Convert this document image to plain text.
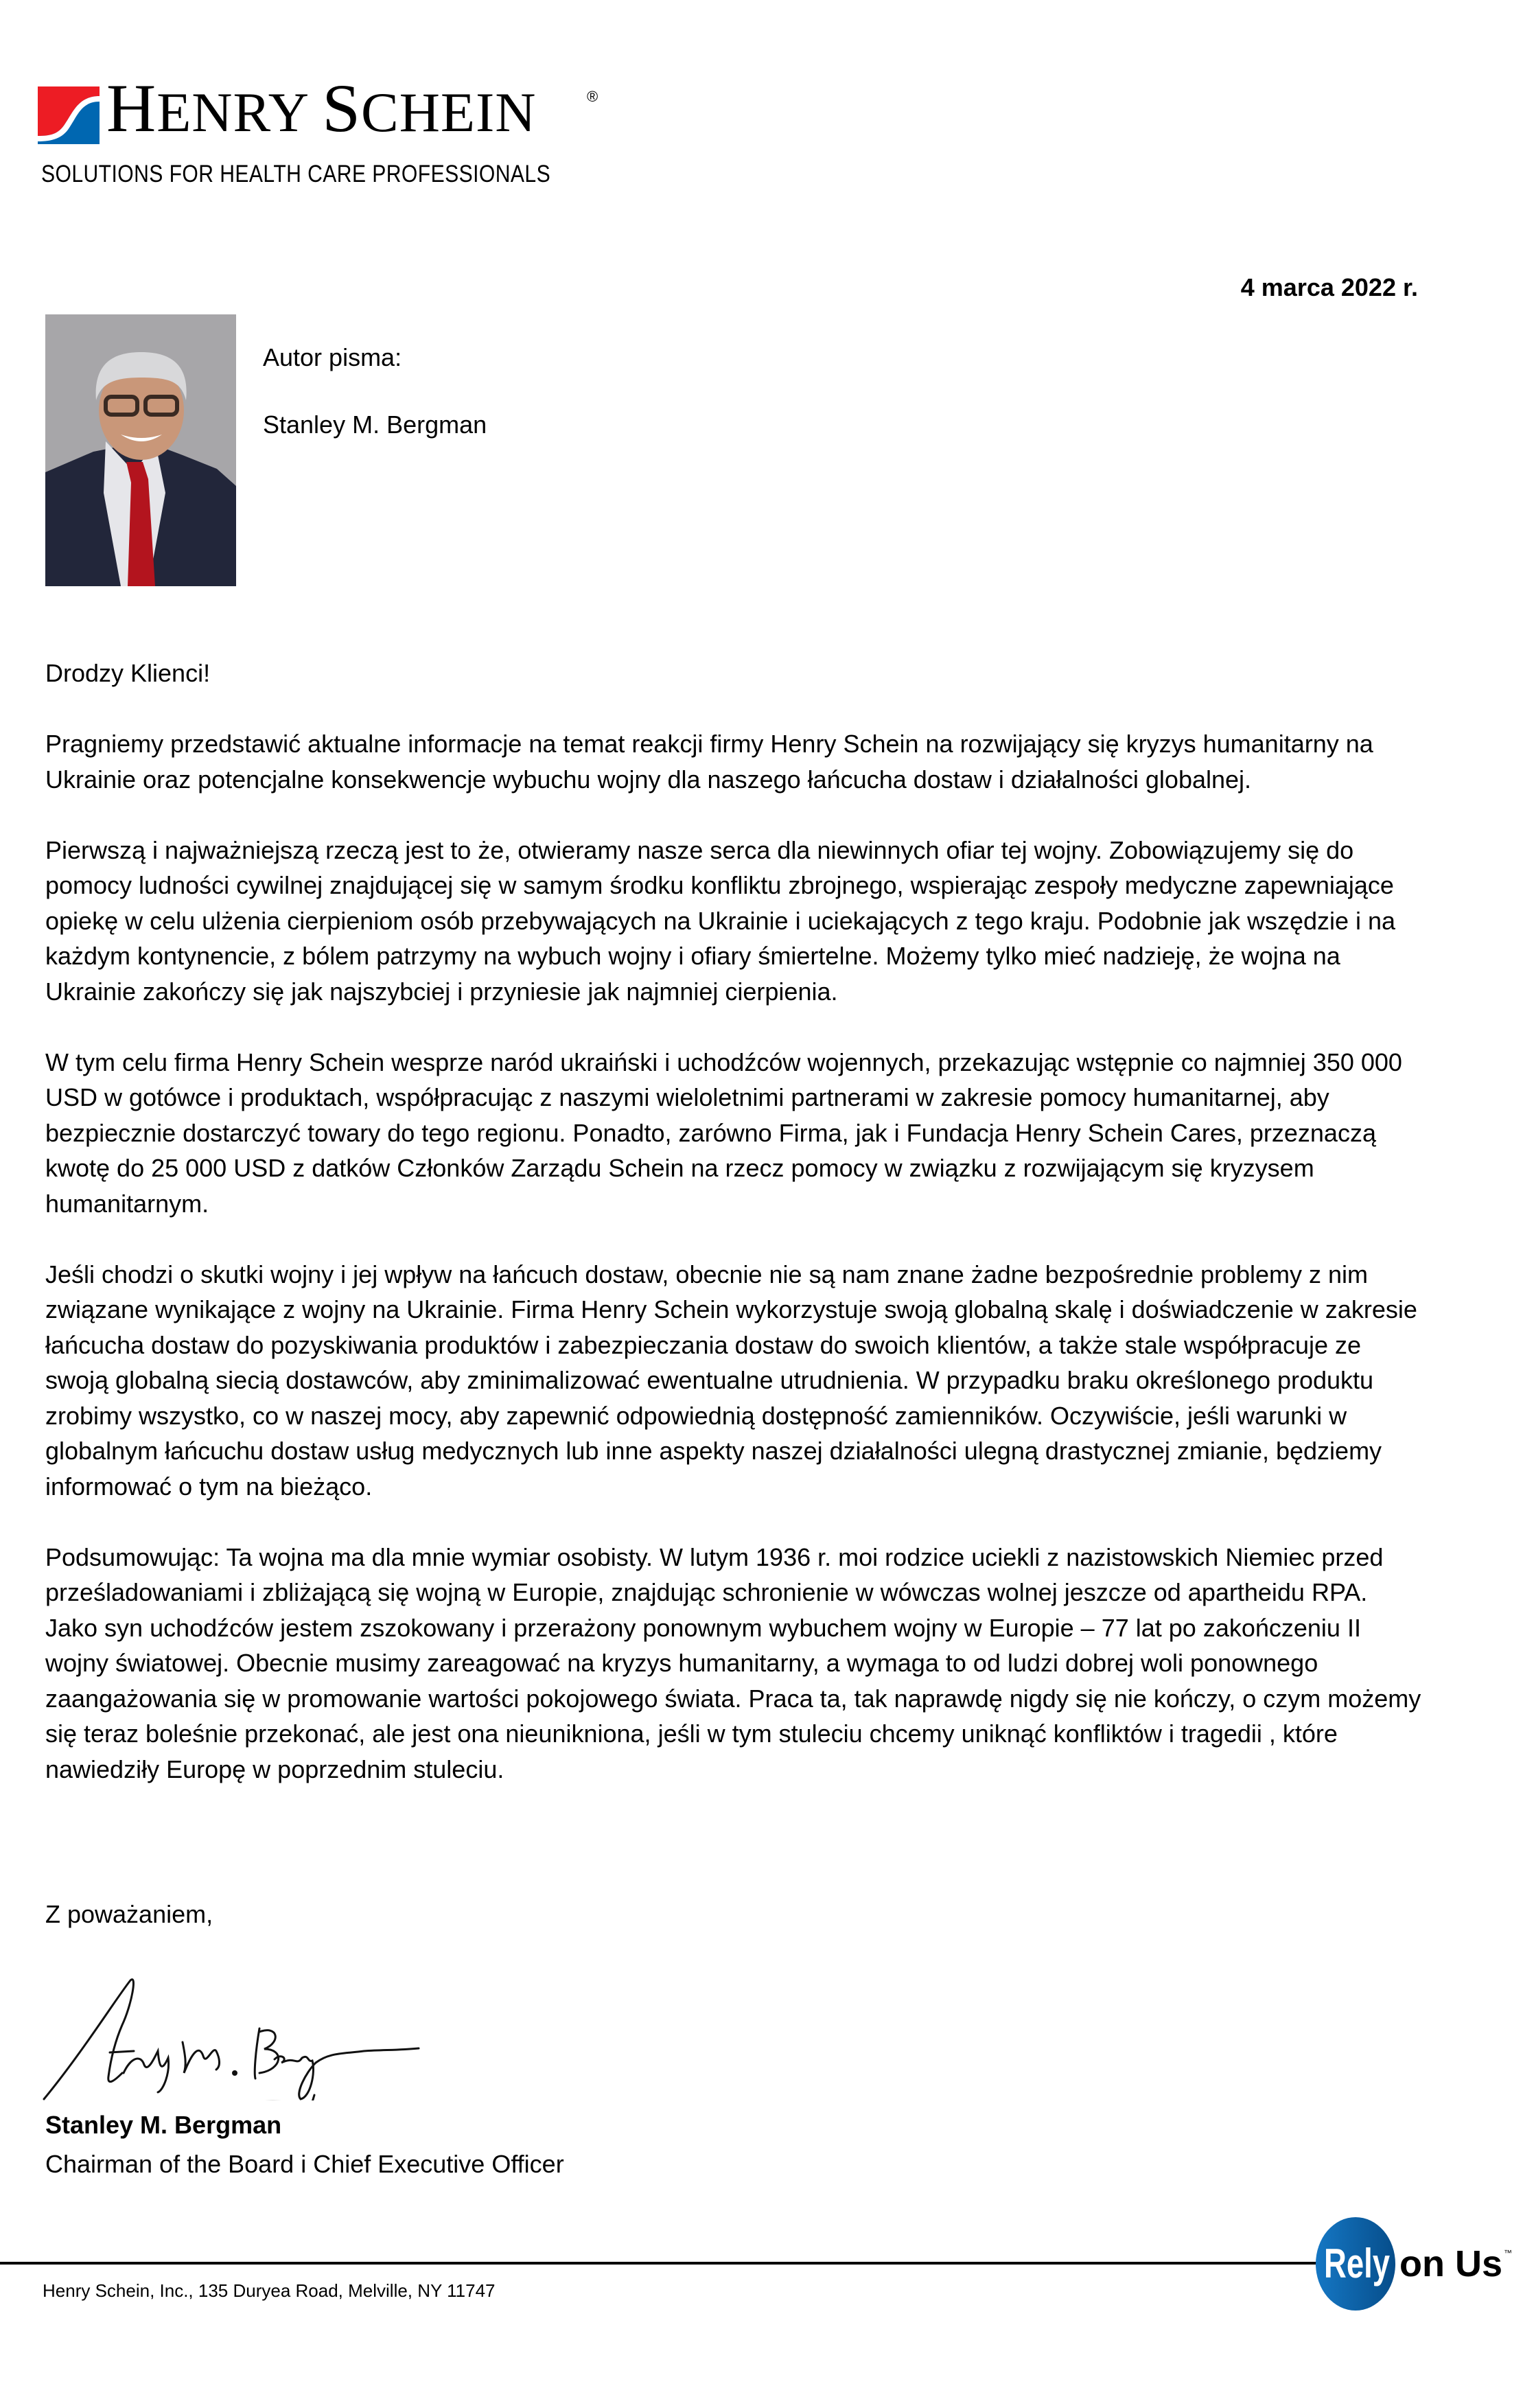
HENRY SCHEIN	®
SOLUTIONS FOR HEALTH CARE PROFESSIONALS
4 marca 2022 r.
Autor pisma:
Stanley M. Bergman

Drodzy Klienci!

Pragniemy przedstawić aktualne informacje na temat reakcji firmy Henry Schein na rozwijający się kryzys humanitarny na Ukrainie oraz potencjalne konsekwencje wybuchu wojny dla naszego łańcucha dostaw i działalności globalnej.

Pierwszą i najważniejszą rzeczą jest to że, otwieramy nasze serca dla niewinnych ofiar tej wojny. Zobowiązujemy się do pomocy ludności cywilnej znajdującej się w samym środku konfliktu zbrojnego, wspierając zespoły medyczne zapewniające opiekę w celu ulżenia cierpieniom osób przebywających na Ukrainie i uciekających z tego kraju. Podobnie jak wszędzie i na każdym kontynencie, z bólem patrzymy na wybuch wojny i ofiary śmiertelne. Możemy tylko mieć nadzieję, że wojna na Ukrainie zakończy się jak najszybciej i przyniesie jak najmniej cierpienia.

W tym celu firma Henry Schein wesprze naród ukraiński i uchodźców wojennych, przekazując wstępnie co najmniej 350 000 USD w gotówce i produktach, współpracując z naszymi wieloletnimi partnerami w zakresie pomocy humanitarnej, aby bezpiecznie dostarczyć towary do tego regionu. Ponadto, zarówno Firma, jak i Fundacja Henry Schein Cares, przeznaczą kwotę do 25 000 USD z datków Członków Zarządu Schein na rzecz pomocy w związku z rozwijającym się kryzysem humanitarnym.

Jeśli chodzi o skutki wojny i jej wpływ na łańcuch dostaw, obecnie nie są nam znane żadne bezpośrednie problemy z nim związane wynikające z wojny na Ukrainie. Firma Henry Schein wykorzystuje swoją globalną skalę i doświadczenie w zakresie łańcucha dostaw do pozyskiwania produktów i zabezpieczania dostaw do swoich klientów, a także stale współpracuje ze swoją globalną siecią dostawców, aby zminimalizować ewentualne utrudnienia. W przypadku braku określonego produktu zrobimy wszystko, co w naszej mocy, aby zapewnić odpowiednią dostępność zamienników. Oczywiście, jeśli warunki w globalnym łańcuchu dostaw usług medycznych lub inne aspekty naszej działalności ulegną drastycznej zmianie, będziemy informować o tym na bieżąco.

Podsumowując: Ta wojna ma dla mnie wymiar osobisty. W lutym 1936 r. moi rodzice uciekli z nazistowskich Niemiec przed prześladowaniami i zbliżającą się wojną w Europie, znajdując schronienie w wówczas wolnej jeszcze od apartheidu RPA. Jako syn uchodźców jestem zszokowany i przerażony ponownym wybuchem wojny w Europie – 77 lat po zakończeniu II wojny światowej. Obecnie musimy zareagować na kryzys humanitarny, a wymaga to od ludzi dobrej woli ponownego zaangażowania się w promowanie wartości pokojowego świata. Praca ta, tak naprawdę nigdy się nie kończy, o czym możemy się teraz boleśnie przekonać, ale jest ona nieunikniona, jeśli w tym stuleciu chcemy uniknąć konfliktów i tragedii , które nawiedziły Europę w poprzednim stuleciu.

Z poważaniem,
Stanley M. Bergman
Chairman of the Board i Chief Executive Officer
Henry Schein, Inc., 135 Duryea Road, Melville, NY 11747
Rely on Us ™
